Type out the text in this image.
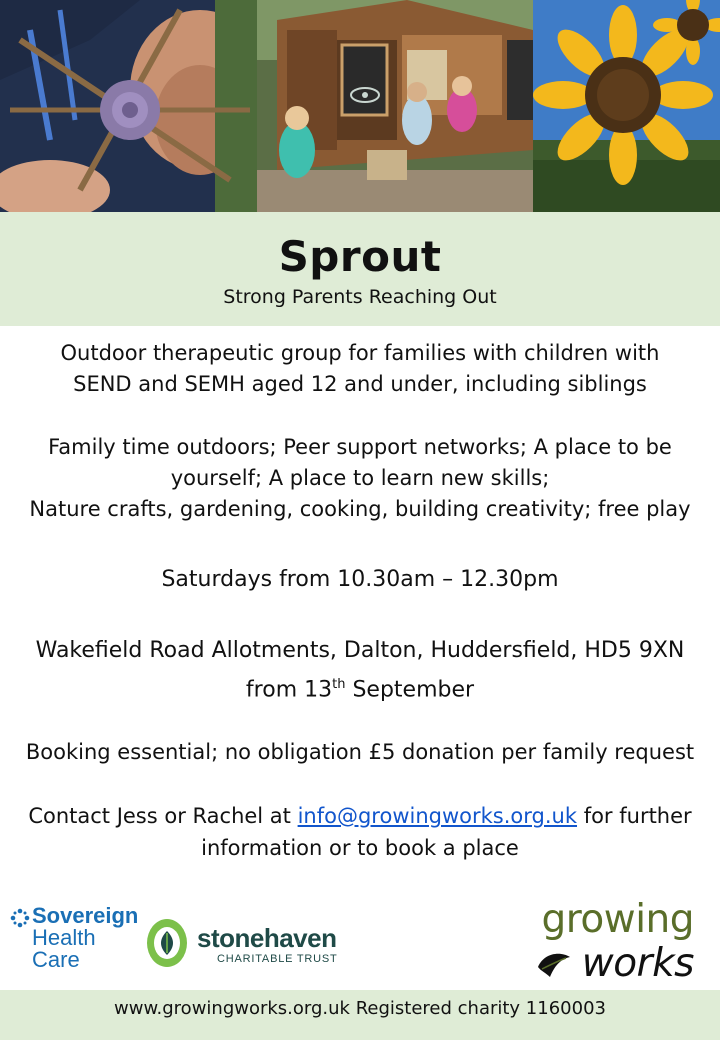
Sprout
Strong Parents Reaching Out
Outdoor therapeutic group for families with children with
SEND and SEMH aged 12 and under, including siblings
Family time outdoors; Peer support networks; A place to be
yourself; A place to learn new skills;
Nature crafts, gardening, cooking, building creativity; free play
Saturdays from 10.30am – 12.30pm
Wakefield Road Allotments, Dalton, Huddersfield, HD5 9XN
from 13th September
Booking essential; no obligation £5 donation per family request
Contact Jess or Rachel at info@growingworks.org.uk for further
information or to book a place
Sovereign
Health
Care
stonehaven
CHARITABLE TRUST
growing
works
www.growingworks.org.uk Registered charity 1160003
